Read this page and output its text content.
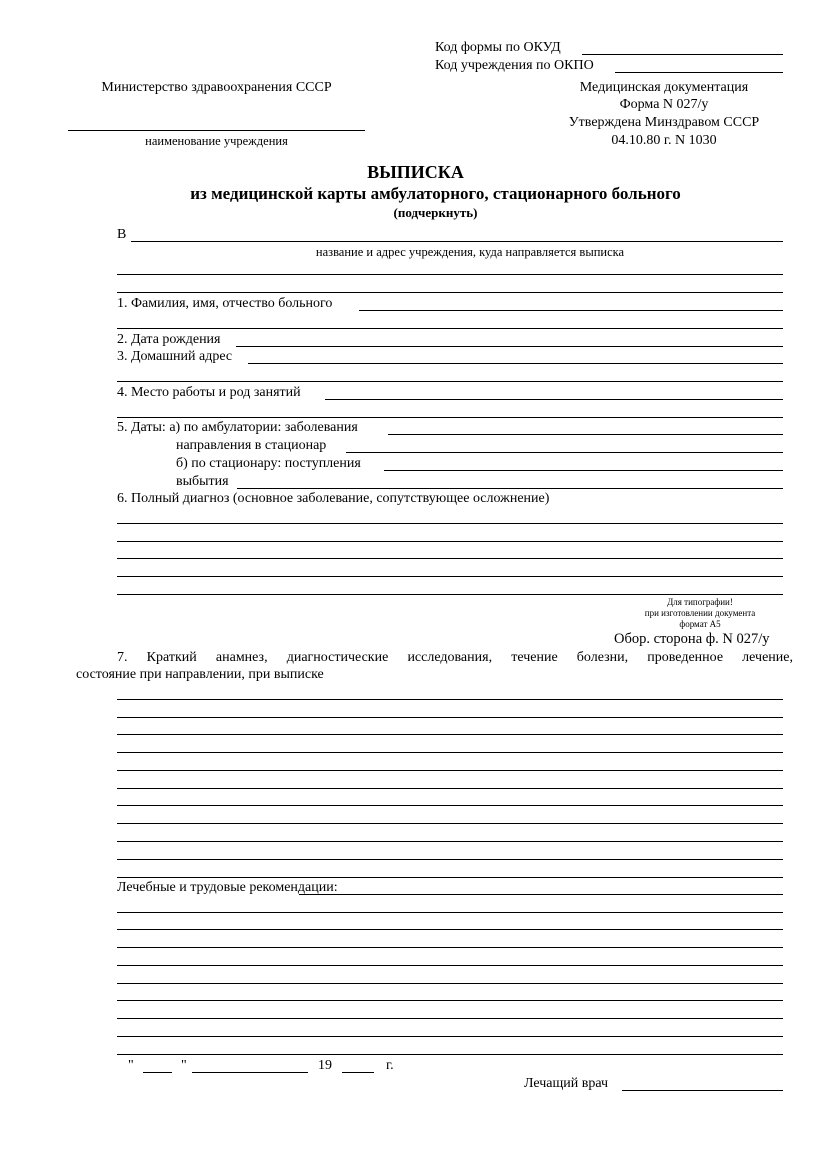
Код формы по ОКУД
Код учреждения по ОКПО
Медицинская документация
Форма N 027/у
Утверждена Минздравом СССР
04.10.80 г. N 1030
Министерство здравоохранения СССР
наименование учреждения
ВЫПИСКА
из медицинской карты амбулаторного, стационарного больного
(подчеркнуть)
В
название и адрес учреждения, куда направляется выписка
1. Фамилия, имя, отчество больного
2. Дата рождения
3. Домашний адрес
4. Место работы и род занятий
5. Даты: а) по амбулатории: заболевания
направления в стационар
б) по стационару: поступления
выбытия
6. Полный диагноз (основное заболевание, сопутствующее осложнение)
Для типографии!
при изготовлении документа
формат А5
Обор. сторона ф. N 027/у
7. Краткий анамнез, диагностические исследования, течение болезни, проведенное лечение,
состояние при направлении, при выписке
Лечебные и трудовые рекомендации:
"	"	19	г.
Лечащий врач
